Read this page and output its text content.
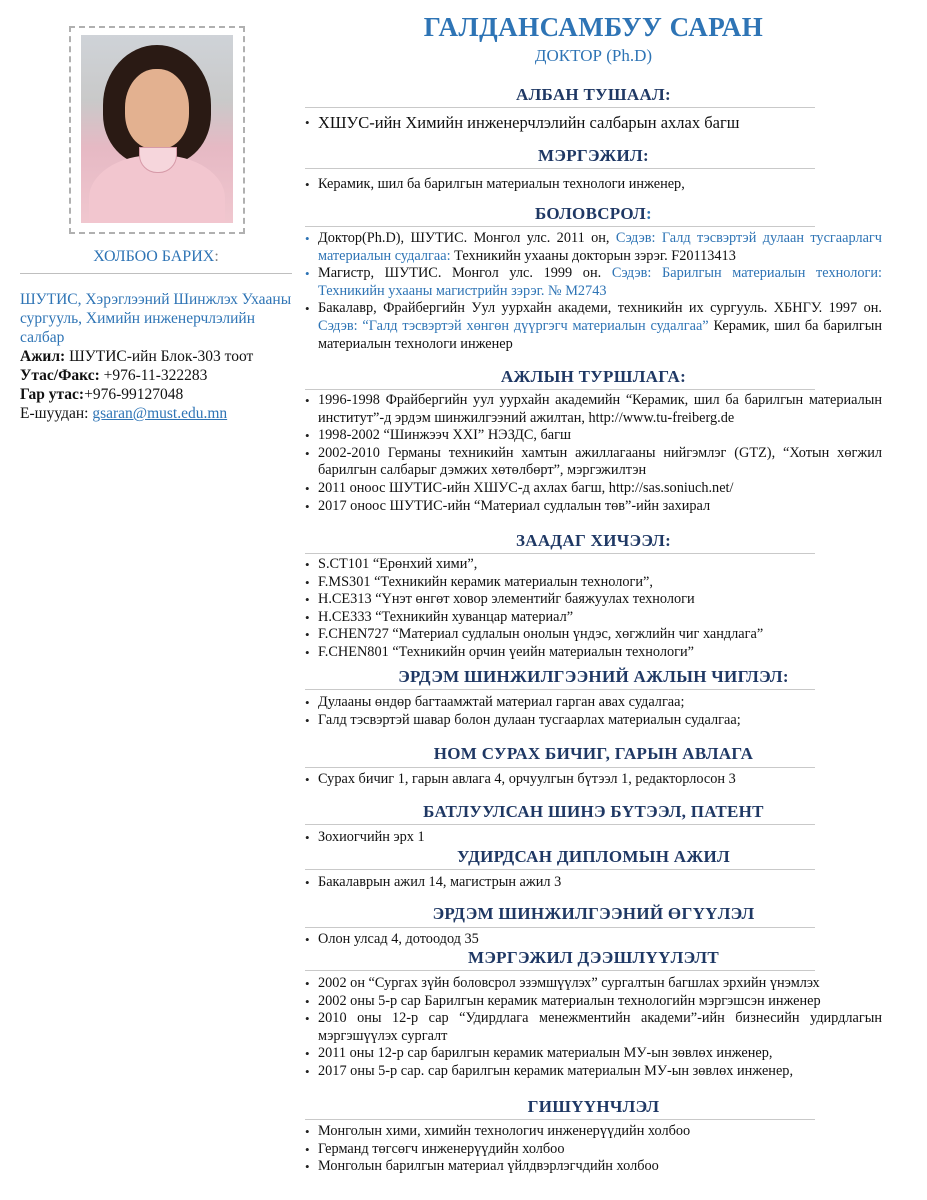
ХОЛБОО БАРИХ:
ШУТИС, Хэрэглээний Шинжлэх Ухааны сургууль, Химийн инженерчлэлийн салбар
Ажил: ШУТИС-ийн Блок-303 тоот
Утас/Факс: +976-11-322283
Гар утас:+976-99127048
Е-шуудан: gsaran@must.edu.mn
ГАЛДАНСАМБУУ САРАН
ДОКТОР (Ph.D)
АЛБАН ТУШААЛ:
• ХШУС-ийн Химийн инженерчлэлийн салбарын ахлах багш
МЭРГЭЖИЛ:
• Керамик, шил ба барилгын материалын технологи инженер,
БОЛОВСРОЛ:
• Доктор(Ph.D), ШУТИС. Монгол улс. 2011 он, Сэдэв: Галд тэсвэртэй дулаан тусгаарлагч материалын судалгаа: Техникийн ухааны докторын зэрэг. F20113413
• Магистр, ШУТИС. Монгол улс. 1999 он. Сэдэв: Барилгын материалын технологи: Техникийн ухааны магистрийн зэрэг. № M2743
• Бакалавр, Фрайбергийн Уул уурхайн академи, техникийн их сургууль. ХБНГУ. 1997 он. Сэдэв: “Галд тэсвэртэй хөнгөн дүүргэгч материалын судалгаа” Керамик, шил ба барилгын материалын технологи инженер
АЖЛЫН ТУРШЛАГА:
• 1996-1998 Фрайбергийн уул уурхайн академийн “Керамик, шил ба барилгын материалын институт”-д эрдэм шинжилгээний ажилтан, http://www.tu-freiberg.de
• 1998-2002 “Шинжээч XXI” НЭЗДС, багш
• 2002-2010 Германы техникийн хамтын ажиллагааны нийгэмлэг (GTZ), “Хотын хөгжил барилгын салбарыг дэмжих хөтөлбөрт”, мэргэжилтэн
• 2011 оноос ШУТИС-ийн ХШУС-д ахлах багш, http://sas.soniuch.net/
• 2017 оноос ШУТИС-ийн “Материал судлалын төв”-ийн захирал
ЗААДАГ ХИЧЭЭЛ:
• S.CT101 “Ерөнхий хими”,
• F.MS301 “Техникийн керамик материалын технологи”,
• H.CE313 “Үнэт өнгөт ховор элементийг баяжуулах технологи
• H.CE333 “Техникийн хуванцар материал”
• F.CHEN727 “Материал судлалын онолын үндэс, хөгжлийн чиг хандлага”
• F.CHEN801 “Техникийн орчин үеийн материалын технологи”
ЭРДЭМ ШИНЖИЛГЭЭНИЙ АЖЛЫН ЧИГЛЭЛ:
• Дулааны өндөр багтаамжтай материал гарган авах судалгаа;
• Галд тэсвэртэй шавар болон дулаан тусгаарлах материалын судалгаа;
НОМ СУРАХ БИЧИГ, ГАРЫН АВЛАГА
• Сурах бичиг 1, гарын авлага 4, орчуулгын бүтээл 1, редакторлосон 3
БАТЛУУЛСАН ШИНЭ БҮТЭЭЛ, ПАТЕНТ
• Зохиогчийн эрх 1
УДИРДСАН ДИПЛОМЫН АЖИЛ
• Бакалаврын ажил 14, магистрын ажил 3
ЭРДЭМ ШИНЖИЛГЭЭНИЙ ӨГҮҮЛЭЛ
• Олон улсад 4, дотоодод 35
МЭРГЭЖИЛ ДЭЭШЛҮҮЛЭЛТ
• 2002 он “Сургах зүйн боловсрол эзэмшүүлэх” сургалтын багшлах эрхийн үнэмлэх
• 2002 оны 5-р сар Барилгын керамик материалын технологийн мэргэшсэн инженер
• 2010 оны 12-р сар “Удирдлага менежментийн академи”-ийн бизнесийн удирдлагын мэргэшүүлэх сургалт
• 2011 оны 12-р сар барилгын керамик материалын МУ-ын зөвлөх инженер,
• 2017 оны 5-р сар. сар барилгын керамик материалын МУ-ын зөвлөх инженер,
ГИШҮҮНЧЛЭЛ
• Монголын хими, химийн технологич инженерүүдийн холбоо
• Германд төгсөгч инженерүүдийн холбоо
• Монголын барилгын материал үйлдвэрлэгчдийн холбоо
